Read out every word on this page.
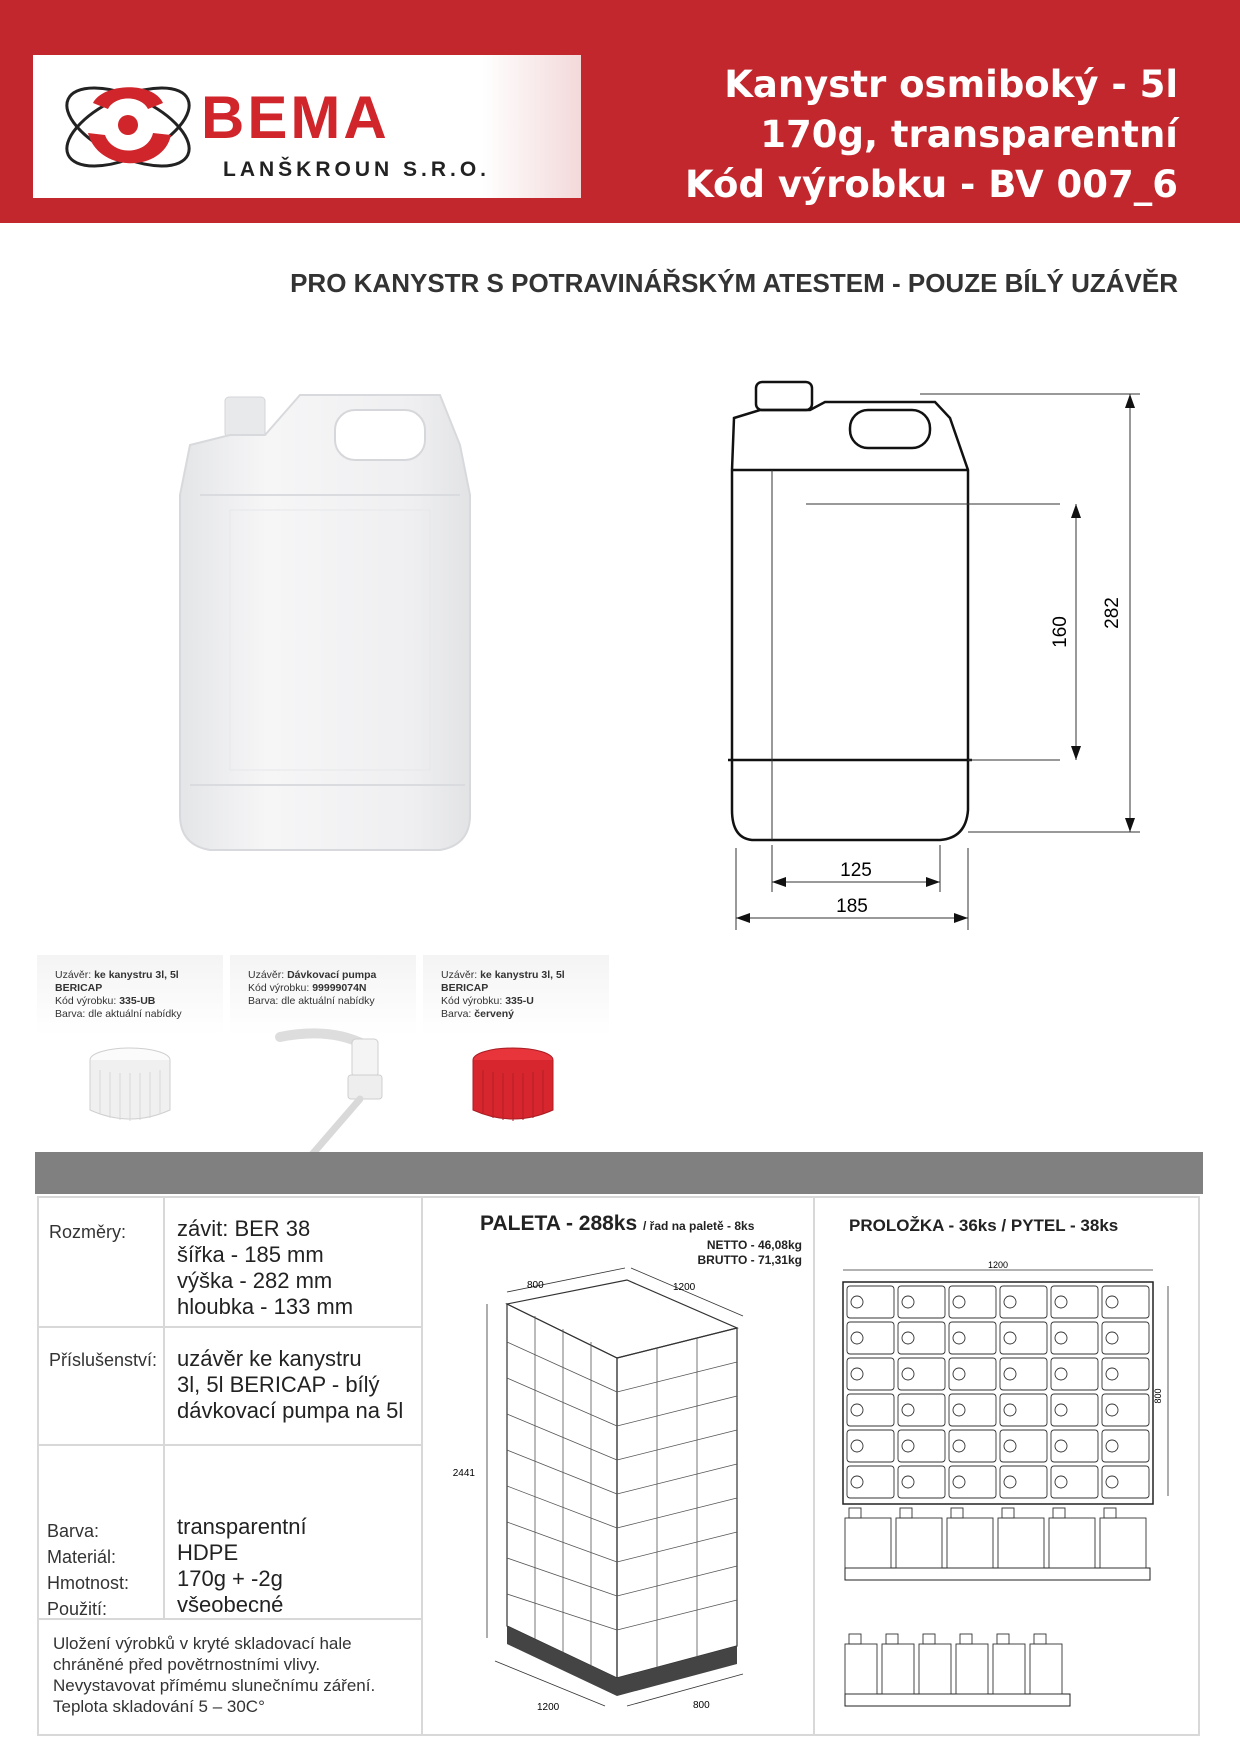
BEMA
LANŠKROUN S.R.O.
Kanystr osmiboký - 5l
170g, transparentní
Kód výrobku - BV 007_6
PRO KANYSTR S POTRAVINÁŘSKÝM ATESTEM - POUZE BÍLÝ UZÁVĚR
160
282
125
185
Uzávěr: ke kanystru 3l, 5l BERICAP
Kód výrobku: 335-UB
Barva: dle aktuální nabídky
Uzávěr: Dávkovací pumpa
Kód výrobku: 99999074N
Barva: dle aktuální nabídky
Uzávěr: ke kanystru 3l, 5l BERICAP
Kód výrobku: 335-U
Barva: červený
Rozměry: závit: BER 38
šířka - 185 mm
výška - 282 mm
hloubka - 133 mm
Příslušenství: uzávěr ke kanystru
3l, 5l BERICAP - bílý
dávkovací pumpa na 5l
Barva:
Materiál:
Hmotnost:
Použití:
transparentní
HDPE
170g + -2g
všeobecné
Uložení výrobků v kryté skladovací hale
chráněné před povětrnostními vlivy.
Nevystavovat přímému slunečnímu záření.
Teplota skladování 5 – 30C°
PALETA - 288ks / řad na paletě - 8ks
NETTO - 46,08kg
BRUTTO - 71,31kg
2441
800	1200
1200	800
PROLOŽKA - 36ks / PYTEL - 38ks
1200
800
